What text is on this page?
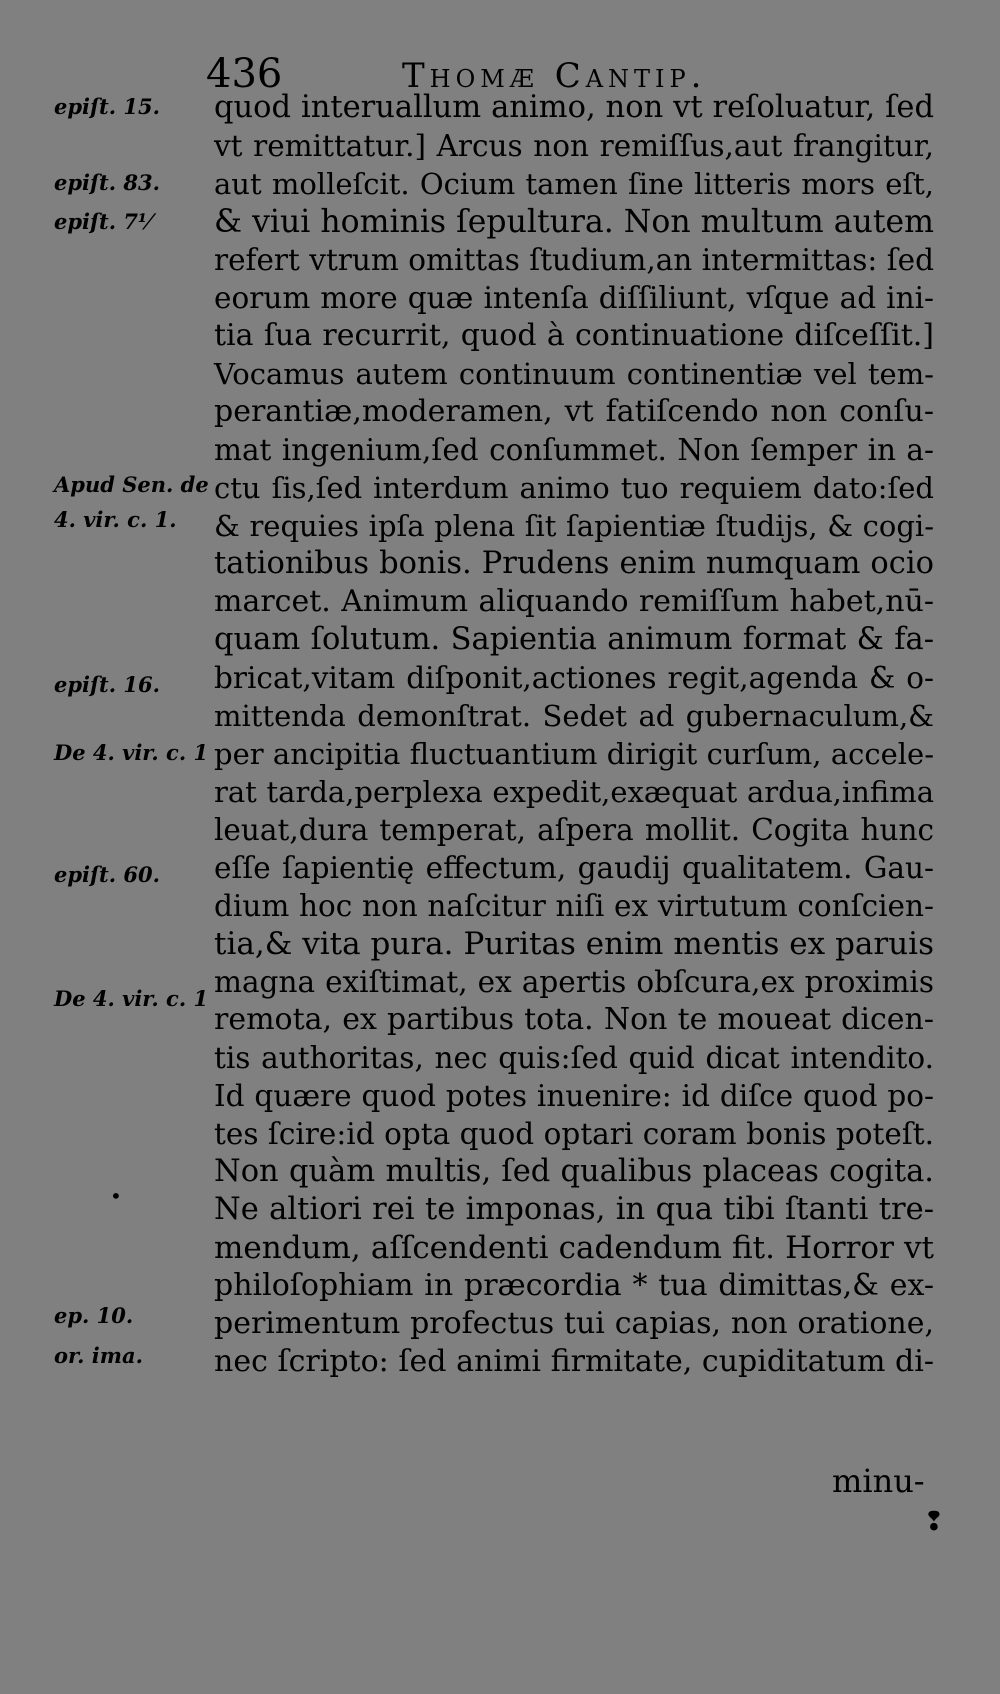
436	Thomæ Cantip.
epiſt. 15.
epiſt. 83.
epiſt. 7⅟
Apud Sen. de
4. vir. c. 1.
epiſt. 16.
De 4. vir. c. 1
epiſt. 60.
De 4. vir. c. 1
ep. 10.
or. ima.
quod interuallum animo, non vt reſoluatur, ſed
vt remittatur.] Arcus non remiſſus,aut frangitur,
aut molleſcit. Ocium tamen ſine litteris mors eſt,
& viui hominis ſepultura. Non multum autem
refert vtrum omittas ſtudium,an intermittas: ſed
eorum more quæ intenſa diſſiliunt, vſque ad ini-
tia ſua recurrit, quod à continuatione diſceſſit.]
Vocamus autem continuum continentiæ vel tem-
perantiæ,moderamen, vt fatiſcendo non conſu-
mat ingenium,ſed conſummet. Non ſemper in a-
ctu ſis,ſed interdum animo tuo requiem dato:ſed
& requies ipſa plena ſit ſapientiæ ſtudijs, & cogi-
tationibus bonis. Prudens enim numquam ocio
marcet. Animum aliquando remiſſum habet,nū-
quam ſolutum. Sapientia animum format & fa-
bricat,vitam diſponit,actiones regit,agenda & o-
mittenda demonſtrat. Sedet ad gubernaculum,&
per ancipitia fluctuantium dirigit curſum, accele-
rat tarda,perplexa expedit,exæquat ardua,infima
leuat,dura temperat, aſpera mollit. Cogita hunc
eſſe ſapientię effectum, gaudij qualitatem. Gau-
dium hoc non naſcitur niſi ex virtutum conſcien-
tia,& vita pura. Puritas enim mentis ex paruis
magna exiſtimat, ex apertis obſcura,ex proximis
remota, ex partibus tota. Non te moueat dicen-
tis authoritas, nec quis:ſed quid dicat intendito.
Id quære quod potes inuenire: id diſce quod po-
tes ſcire:id opta quod optari coram bonis poteſt.
Non quàm multis, ſed qualibus placeas cogita.
Ne altiori rei te imponas, in qua tibi ſtanti tre-
mendum, aſſcendenti cadendum fit. Horror vt
philoſophiam in præcordia * tua dimittas,& ex-
perimentum profectus tui capias, non oratione,
nec ſcripto: ſed animi firmitate, cupiditatum di-
minu-
•
❢
